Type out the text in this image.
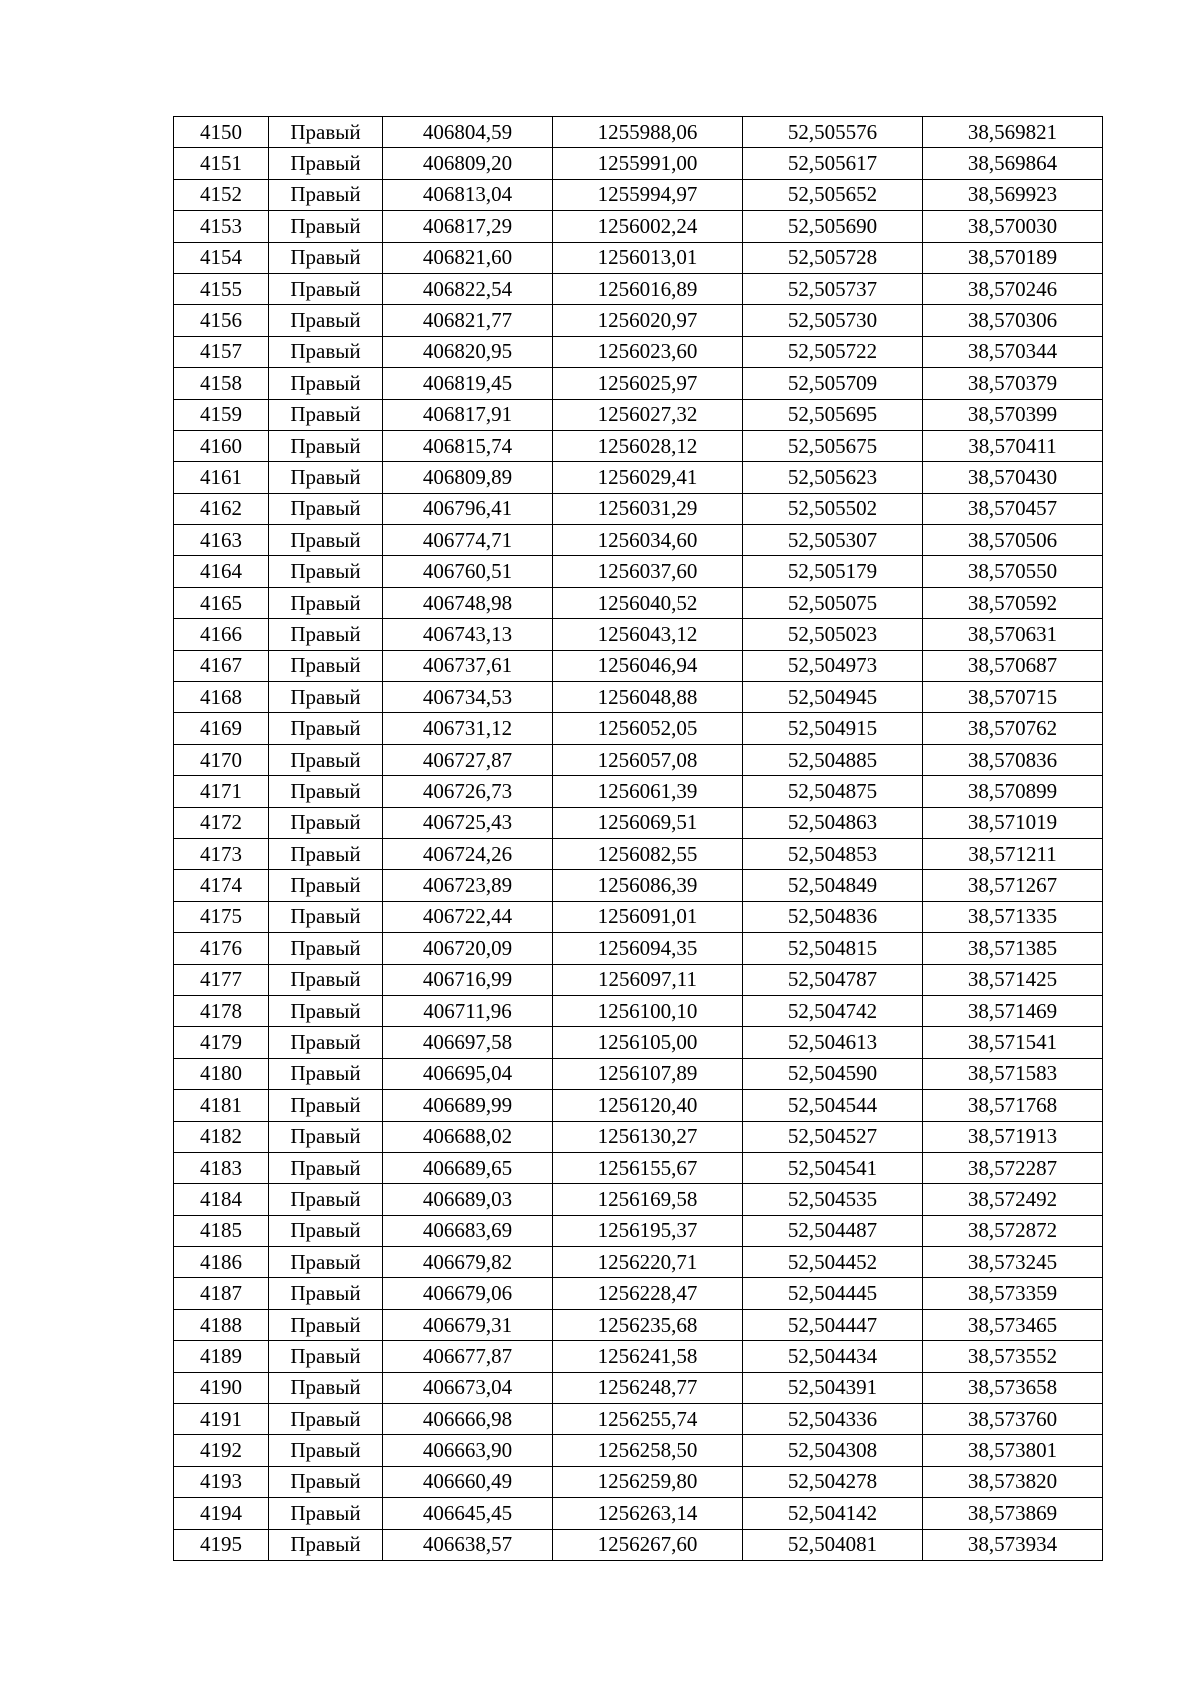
4150	Правый	406804,59	1255988,06	52,505576	38,569821
4151	Правый	406809,20	1255991,00	52,505617	38,569864
4152	Правый	406813,04	1255994,97	52,505652	38,569923
4153	Правый	406817,29	1256002,24	52,505690	38,570030
4154	Правый	406821,60	1256013,01	52,505728	38,570189
4155	Правый	406822,54	1256016,89	52,505737	38,570246
4156	Правый	406821,77	1256020,97	52,505730	38,570306
4157	Правый	406820,95	1256023,60	52,505722	38,570344
4158	Правый	406819,45	1256025,97	52,505709	38,570379
4159	Правый	406817,91	1256027,32	52,505695	38,570399
4160	Правый	406815,74	1256028,12	52,505675	38,570411
4161	Правый	406809,89	1256029,41	52,505623	38,570430
4162	Правый	406796,41	1256031,29	52,505502	38,570457
4163	Правый	406774,71	1256034,60	52,505307	38,570506
4164	Правый	406760,51	1256037,60	52,505179	38,570550
4165	Правый	406748,98	1256040,52	52,505075	38,570592
4166	Правый	406743,13	1256043,12	52,505023	38,570631
4167	Правый	406737,61	1256046,94	52,504973	38,570687
4168	Правый	406734,53	1256048,88	52,504945	38,570715
4169	Правый	406731,12	1256052,05	52,504915	38,570762
4170	Правый	406727,87	1256057,08	52,504885	38,570836
4171	Правый	406726,73	1256061,39	52,504875	38,570899
4172	Правый	406725,43	1256069,51	52,504863	38,571019
4173	Правый	406724,26	1256082,55	52,504853	38,571211
4174	Правый	406723,89	1256086,39	52,504849	38,571267
4175	Правый	406722,44	1256091,01	52,504836	38,571335
4176	Правый	406720,09	1256094,35	52,504815	38,571385
4177	Правый	406716,99	1256097,11	52,504787	38,571425
4178	Правый	406711,96	1256100,10	52,504742	38,571469
4179	Правый	406697,58	1256105,00	52,504613	38,571541
4180	Правый	406695,04	1256107,89	52,504590	38,571583
4181	Правый	406689,99	1256120,40	52,504544	38,571768
4182	Правый	406688,02	1256130,27	52,504527	38,571913
4183	Правый	406689,65	1256155,67	52,504541	38,572287
4184	Правый	406689,03	1256169,58	52,504535	38,572492
4185	Правый	406683,69	1256195,37	52,504487	38,572872
4186	Правый	406679,82	1256220,71	52,504452	38,573245
4187	Правый	406679,06	1256228,47	52,504445	38,573359
4188	Правый	406679,31	1256235,68	52,504447	38,573465
4189	Правый	406677,87	1256241,58	52,504434	38,573552
4190	Правый	406673,04	1256248,77	52,504391	38,573658
4191	Правый	406666,98	1256255,74	52,504336	38,573760
4192	Правый	406663,90	1256258,50	52,504308	38,573801
4193	Правый	406660,49	1256259,80	52,504278	38,573820
4194	Правый	406645,45	1256263,14	52,504142	38,573869
4195	Правый	406638,57	1256267,60	52,504081	38,573934
